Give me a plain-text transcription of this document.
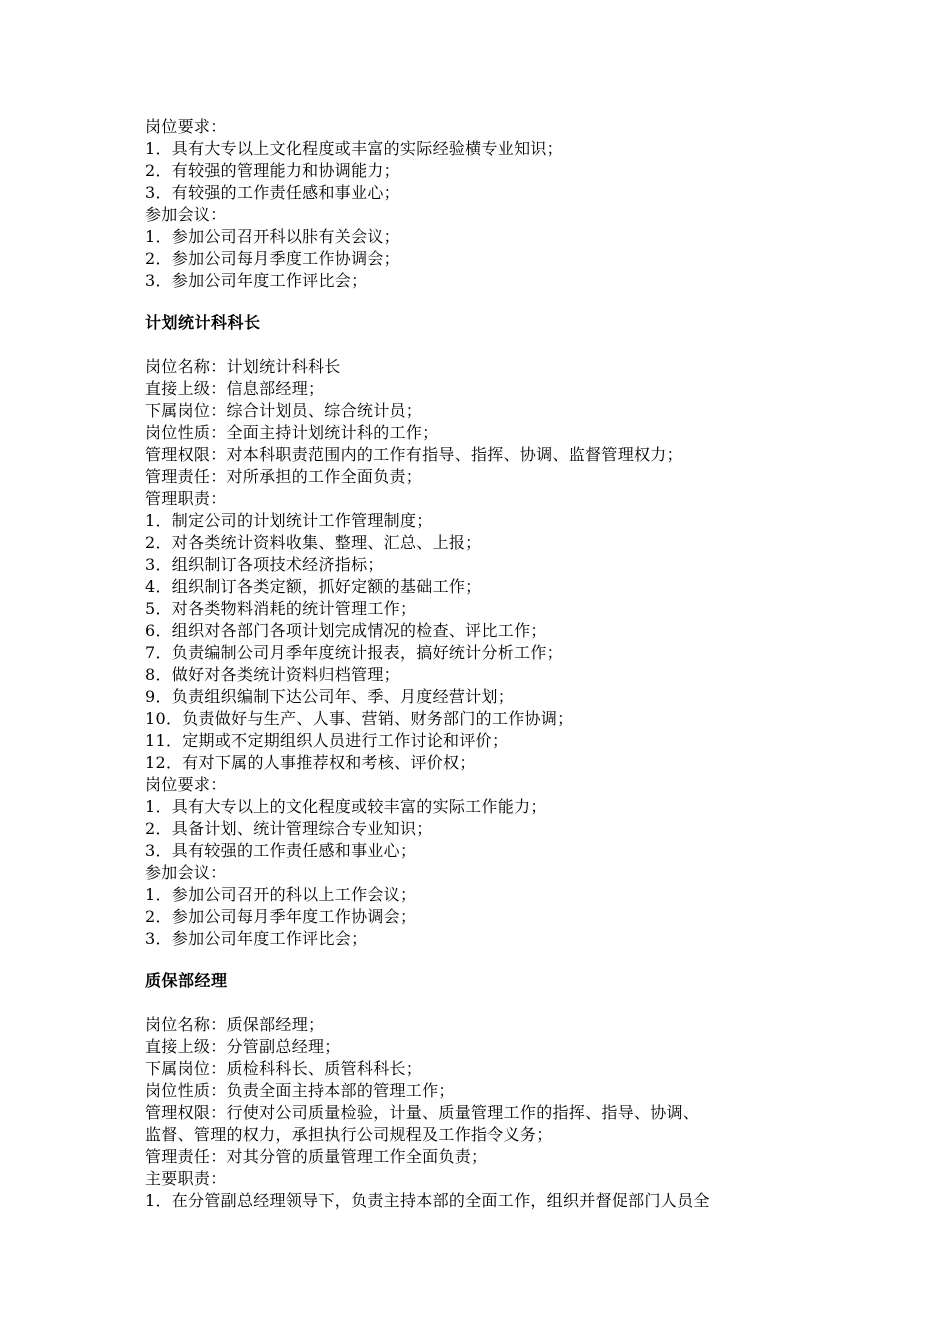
岗位要求：
1．具有大专以上文化程度或丰富的实际经验横专业知识；
2．有较强的管理能力和协调能力；
3．有较强的工作责任感和事业心；
参加会议：
1．参加公司召开科以胩有关会议；
2．参加公司每月季度工作协调会；
3．参加公司年度工作评比会；
计划统计科科长
岗位名称：计划统计科科长
直接上级：信息部经理；
下属岗位：综合计划员、综合统计员；
岗位性质：全面主持计划统计科的工作；
管理权限：对本科职责范围内的工作有指导、指挥、协调、监督管理权力；
管理责任：对所承担的工作全面负责；
管理职责：
1．制定公司的计划统计工作管理制度；
2．对各类统计资料收集、整理、汇总、上报；
3．组织制订各项技术经济指标；
4．组织制订各类定额，抓好定额的基础工作；
5．对各类物料消耗的统计管理工作；
6．组织对各部门各项计划完成情况的检查、评比工作；
7．负责编制公司月季年度统计报表，搞好统计分析工作；
8．做好对各类统计资料归档管理；
9．负责组织编制下达公司年、季、月度经营计划；
10．负责做好与生产、人事、营销、财务部门的工作协调；
11．定期或不定期组织人员进行工作讨论和评价；
12．有对下属的人事推荐权和考核、评价权；
岗位要求：
1．具有大专以上的文化程度或较丰富的实际工作能力；
2．具备计划、统计管理综合专业知识；
3．具有较强的工作责任感和事业心；
参加会议：
1．参加公司召开的科以上工作会议；
2．参加公司每月季年度工作协调会；
3．参加公司年度工作评比会；
质保部经理
岗位名称：质保部经理；
直接上级：分管副总经理；
下属岗位：质检科科长、质管科科长；
岗位性质：负责全面主持本部的管理工作；
管理权限：行使对公司质量检验，计量、质量管理工作的指挥、指导、协调、
监督、管理的权力，承担执行公司规程及工作指令义务；
管理责任：对其分管的质量管理工作全面负责；
主要职责：
1．在分管副总经理领导下，负责主持本部的全面工作，组织并督促部门人员全
